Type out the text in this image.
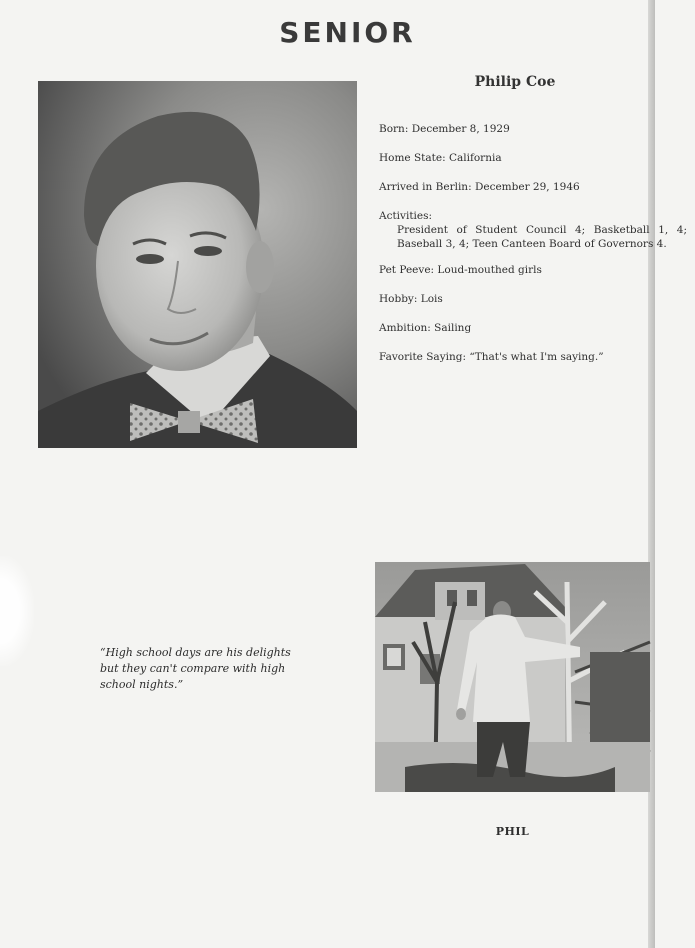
SENIOR
Philip Coe
Born: December 8, 1929
Home State: California
Arrived in Berlin: December 29, 1946
Activities:
President of Student Council 4; Basketball 1, 4; Baseball 3, 4; Teen Canteen Board of Governors 4.
Pet Peeve: Loud-mouthed girls
Hobby: Lois
Ambition: Sailing
Favorite Saying: “That's what I'm saying.”
“High school days are his delights but they can't compare with high school nights.”
PHIL
